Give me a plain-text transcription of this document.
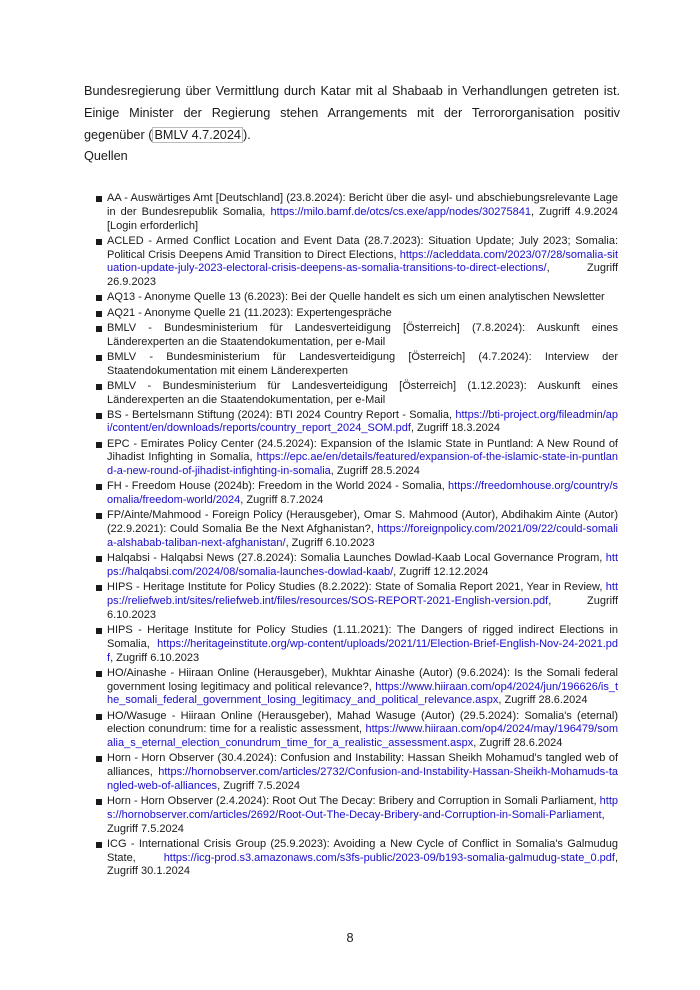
Bundesregierung über Vermittlung durch Katar mit al Shabaab in Verhandlungen getreten ist. Einige Minister der Regierung stehen Arrangements mit der Terrororganisation positiv gegenüber ( BMLV 4.7.2024 ).

Quellen

AA - Auswärtiges Amt [Deutschland] (23.8.2024): Bericht über die asyl- und abschiebungsrelevante Lage in der Bundesrepublik Somalia, https://milo.bamf.de/otcs/cs.exe/app/nodes/30275841, Zugriff 4.9.2024 [Login erforderlich]
ACLED - Armed Conflict Location and Event Data (28.7.2023): Situation Update; July 2023; Somalia: Political Crisis Deepens Amid Transition to Direct Elections, https://acleddata.com/2023/07/28/somalia-situation-update-july-2023-electoral-crisis-deepens-as-somalia-transitions-to-direct-elections/, Zugriff 26.9.2023
AQ13 - Anonyme Quelle 13 (6.2023): Bei der Quelle handelt es sich um einen analytischen Newsletter
AQ21 - Anonyme Quelle 21 (11.2023): Expertengespräche
BMLV - Bundesministerium für Landesverteidigung [Österreich] (7.8.2024): Auskunft eines Länderexperten an die Staatendokumentation, per e-Mail
BMLV - Bundesministerium für Landesverteidigung [Österreich] (4.7.2024): Interview der Staatendokumentation mit einem Länderexperten
BMLV - Bundesministerium für Landesverteidigung [Österreich] (1.12.2023): Auskunft eines Länderexperten an die Staatendokumentation, per e-Mail
BS - Bertelsmann Stiftung (2024): BTI 2024 Country Report - Somalia, https://bti-project.org/fileadmin/api/content/en/downloads/reports/country_report_2024_SOM.pdf, Zugriff 18.3.2024
EPC - Emirates Policy Center (24.5.2024): Expansion of the Islamic State in Puntland: A New Round of Jihadist Infighting in Somalia, https://epc.ae/en/details/featured/expansion-of-the-islamic-state-in-puntland-a-new-round-of-jihadist-infighting-in-somalia, Zugriff 28.5.2024
FH - Freedom House (2024b): Freedom in the World 2024 - Somalia, https://freedomhouse.org/country/somalia/freedom-world/2024, Zugriff 8.7.2024
FP/Ainte/Mahmood - Foreign Policy (Herausgeber), Omar S. Mahmood (Autor), Abdihakim Ainte (Autor) (22.9.2021): Could Somalia Be the Next Afghanistan?, https://foreignpolicy.com/2021/09/22/could-somalia-alshabab-taliban-next-afghanistan/, Zugriff 6.10.2023
Halqabsi - Halqabsi News (27.8.2024): Somalia Launches Dowlad-Kaab Local Governance Program, https://halqabsi.com/2024/08/somalia-launches-dowlad-kaab/, Zugriff 12.12.2024
HIPS - Heritage Institute for Policy Studies (8.2.2022): State of Somalia Report 2021, Year in Review, https://reliefweb.int/sites/reliefweb.int/files/resources/SOS-REPORT-2021-English-version.pdf, Zugriff 6.10.2023
HIPS - Heritage Institute for Policy Studies (1.11.2021): The Dangers of rigged indirect Elections in Somalia, https://heritageinstitute.org/wp-content/uploads/2021/11/Election-Brief-English-Nov-24-2021.pdf, Zugriff 6.10.2023
HO/Ainashe - Hiiraan Online (Herausgeber), Mukhtar Ainashe (Autor) (9.6.2024): Is the Somali federal government losing legitimacy and political relevance?, https://www.hiiraan.com/op4/2024/jun/196626/is_the_somali_federal_government_losing_legitimacy_and_political_relevance.aspx, Zugriff 28.6.2024
HO/Wasuge - Hiiraan Online (Herausgeber), Mahad Wasuge (Autor) (29.5.2024): Somalia's (eternal) election conundrum: time for a realistic assessment, https://www.hiiraan.com/op4/2024/may/196479/somalia_s_eternal_election_conundrum_time_for_a_realistic_assessment.aspx, Zugriff 28.6.2024
Horn - Horn Observer (30.4.2024): Confusion and Instability: Hassan Sheikh Mohamud's tangled web of alliances, https://hornobserver.com/articles/2732/Confusion-and-Instability-Hassan-Sheikh-Mohamuds-tangled-web-of-alliances, Zugriff 7.5.2024
Horn - Horn Observer (2.4.2024): Root Out The Decay: Bribery and Corruption in Somali Parliament, https://hornobserver.com/articles/2692/Root-Out-The-Decay-Bribery-and-Corruption-in-Somali-Parliament, Zugriff 7.5.2024
ICG - International Crisis Group (25.9.2023): Avoiding a New Cycle of Conflict in Somalia's Galmudug State, https://icg-prod.s3.amazonaws.com/s3fs-public/2023-09/b193-somalia-galmudug-state_0.pdf, Zugriff 30.1.2024

8
